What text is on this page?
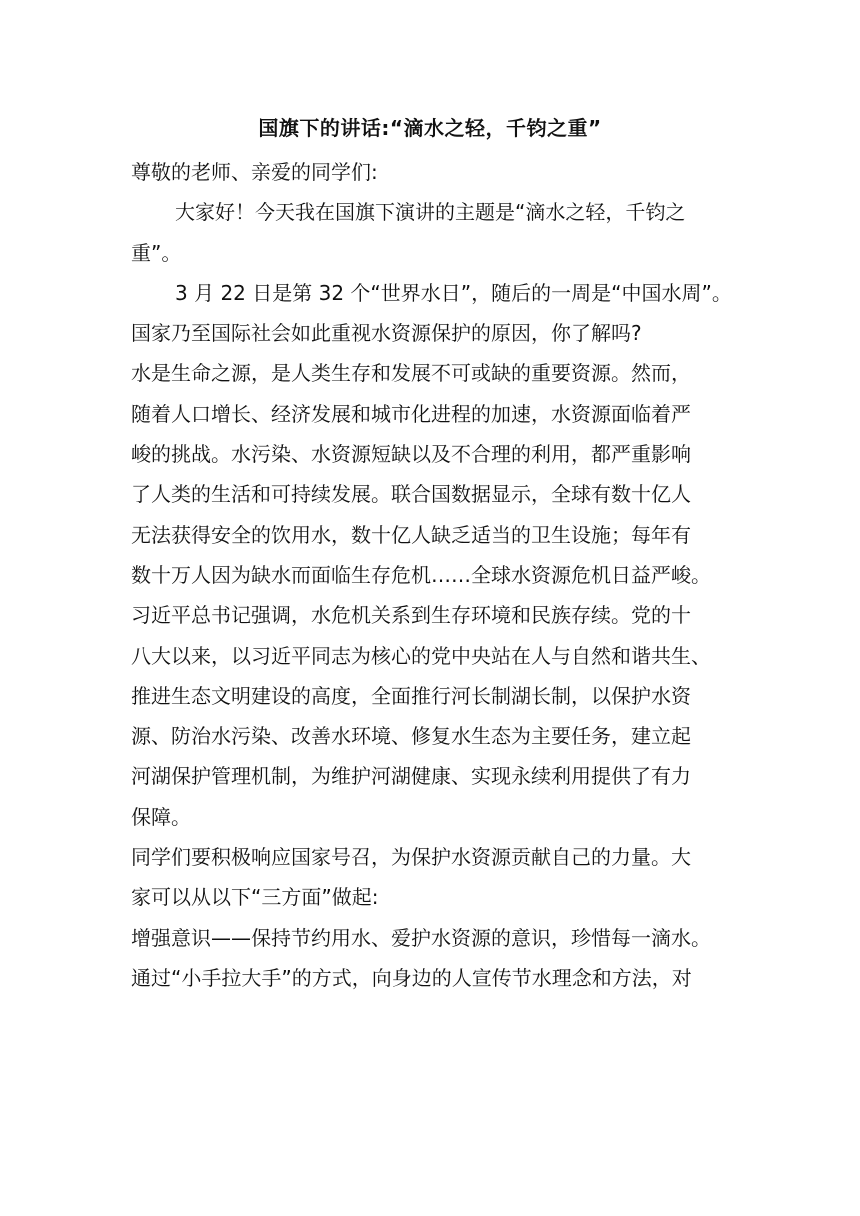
国旗下的讲话:“滴水之轻，千钧之重”
尊敬的老师、亲爱的同学们:
大家好！今天我在国旗下演讲的主题是“滴水之轻，千钧之
重”。
3 月 22 日是第 32 个“世界水日”，随后的一周是“中国水周”。
国家乃至国际社会如此重视水资源保护的原因，你了解吗?
水是生命之源，是人类生存和发展不可或缺的重要资源。然而，
随着人口增长、经济发展和城市化进程的加速，水资源面临着严
峻的挑战。水污染、水资源短缺以及不合理的利用，都严重影响
了人类的生活和可持续发展。联合国数据显示，全球有数十亿人
无法获得安全的饮用水，数十亿人缺乏适当的卫生设施；每年有
数十万人因为缺水而面临生存危机……全球水资源危机日益严峻。
习近平总书记强调，水危机关系到生存环境和民族存续。党的十
八大以来，以习近平同志为核心的党中央站在人与自然和谐共生、
推进生态文明建设的高度，全面推行河长制湖长制，以保护水资
源、防治水污染、改善水环境、修复水生态为主要任务，建立起
河湖保护管理机制，为维护河湖健康、实现永续利用提供了有力
保障。
同学们要积极响应国家号召，为保护水资源贡献自己的力量。大
家可以从以下“三方面”做起:
增强意识——保持节约用水、爱护水资源的意识，珍惜每一滴水。
通过“小手拉大手”的方式，向身边的人宣传节水理念和方法，对
